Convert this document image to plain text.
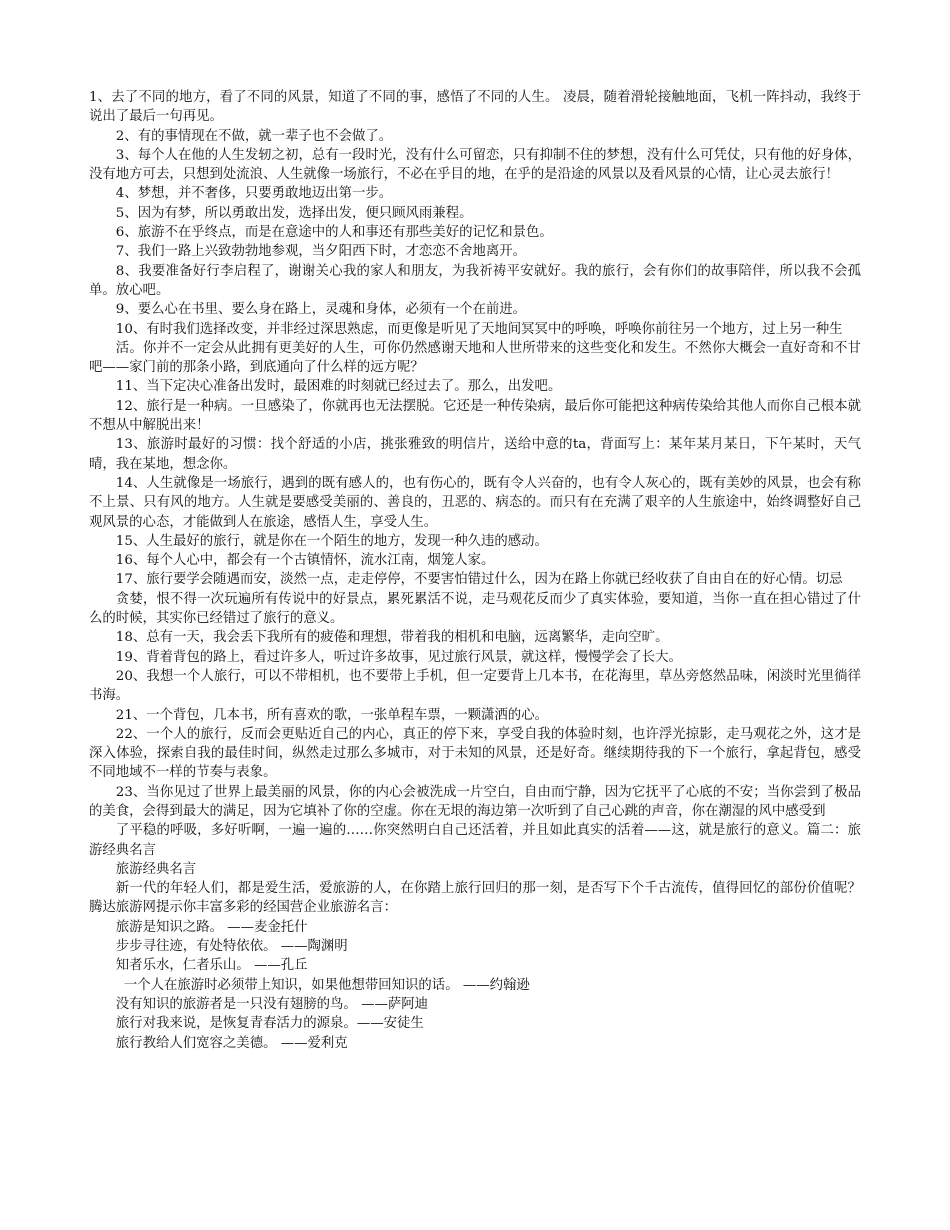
1、去了不同的地方，看了不同的风景，知道了不同的事，感悟了不同的人生。 凌晨，随着滑轮接触地面，飞机一阵抖动，我终于说出了最后一句再见。

2、有的事情现在不做，就一辈子也不会做了。

3、每个人在他的人生发轫之初，总有一段时光，没有什么可留恋，只有抑制不住的梦想，没有什么可凭仗，只有他的好身体，没有地方可去，只想到处流浪、人生就像一场旅行，不必在乎目的地，在乎的是沿途的风景以及看风景的心情，让心灵去旅行！

4、梦想，并不奢侈，只要勇敢地迈出第一步。

5、因为有梦，所以勇敢出发，选择出发，便只顾风雨兼程。

6、旅游不在乎终点，而是在意途中的人和事还有那些美好的记忆和景色。

7、我们一路上兴致勃勃地参观，当夕阳西下时，才恋恋不舍地离开。

8、我要准备好行李启程了，谢谢关心我的家人和朋友，为我祈祷平安就好。我的旅行，会有你们的故事陪伴，所以我不会孤单。放心吧。

9、要么心在书里、要么身在路上，灵魂和身体，必须有一个在前进。

10、有时我们选择改变，并非经过深思熟虑，而更像是听见了天地间冥冥中的呼唤，呼唤你前往另一个地方，过上另一种生

活。你并不一定会从此拥有更美好的人生，可你仍然感谢天地和人世所带来的这些变化和发生。不然你大概会一直好奇和不甘吧——家门前的那条小路，到底通向了什么样的远方呢？

11、当下定决心准备出发时，最困难的时刻就已经过去了。那么，出发吧。

12、旅行是一种病。一旦感染了，你就再也无法摆脱。它还是一种传染病，最后你可能把这种病传染给其他人而你自己根本就不想从中解脱出来！

13、旅游时最好的习惯：找个舒适的小店，挑张雅致的明信片，送给中意的ta，背面写上：某年某月某日，下午某时，天气晴，我在某地，想念你。

14、人生就像是一场旅行，遇到的既有感人的，也有伤心的，既有令人兴奋的，也有令人灰心的，既有美妙的风景，也会有称不上景、只有风的地方。人生就是要感受美丽的、善良的，丑恶的、病态的。而只有在充满了艰辛的人生旅途中，始终调整好自己观风景的心态，才能做到人在旅途，感悟人生，享受人生。

15、人生最好的旅行，就是你在一个陌生的地方，发现一种久违的感动。

16、每个人心中，都会有一个古镇情怀，流水江南，烟笼人家。

17、旅行要学会随遇而安，淡然一点，走走停停，不要害怕错过什么，因为在路上你就已经收获了自由自在的好心情。切忌

贪婪，恨不得一次玩遍所有传说中的好景点，累死累活不说，走马观花反而少了真实体验，要知道，当你一直在担心错过了什么的时候，其实你已经错过了旅行的意义。

18、总有一天，我会丢下我所有的疲倦和理想，带着我的相机和电脑，远离繁华，走向空旷。

19、背着背包的路上，看过许多人，听过许多故事，见过旅行风景，就这样，慢慢学会了长大。

20、我想一个人旅行，可以不带相机，也不要带上手机，但一定要背上几本书，在花海里，草丛旁悠然品味，闲淡时光里徜徉书海。

21、一个背包，几本书，所有喜欢的歌，一张单程车票，一颗潇洒的心。

22、一个人的旅行，反而会更贴近自己的内心，真正的停下来，享受自我的体验时刻，也许浮光掠影，走马观花之外，这才是深入体验，探索自我的最佳时间，纵然走过那么多城市，对于未知的风景，还是好奇。继续期待我的下一个旅行，拿起背包，感受不同地域不一样的节奏与表象。

23、当你见过了世界上最美丽的风景，你的内心会被洗成一片空白，自由而宁静，因为它抚平了心底的不安；当你尝到了极品的美食，会得到最大的满足，因为它填补了你的空虚。你在无垠的海边第一次听到了自己心跳的声音，你在潮湿的风中感受到

了平稳的呼吸，多好听啊，一遍一遍的……你突然明白自己还活着，并且如此真实的活着——这，就是旅行的意义。篇二：旅游经典名言

旅游经典名言

新一代的年轻人们，都是爱生活，爱旅游的人，在你踏上旅行回归的那一刻，是否写下个千古流传，值得回忆的部份价值呢？腾达旅游网提示你丰富多彩的经国营企业旅游名言：

旅游是知识之路。 ——麦金托什

步步寻往迹，有处特依依。 ——陶渊明

知者乐水，仁者乐山。 ——孔丘

一个人在旅游时必须带上知识，如果他想带回知识的话。 ——约翰逊

没有知识的旅游者是一只没有翅膀的鸟。 ——萨阿迪

旅行对我来说，是恢复青春活力的源泉。——安徒生

旅行教给人们宽容之美德。 ——爱利克
